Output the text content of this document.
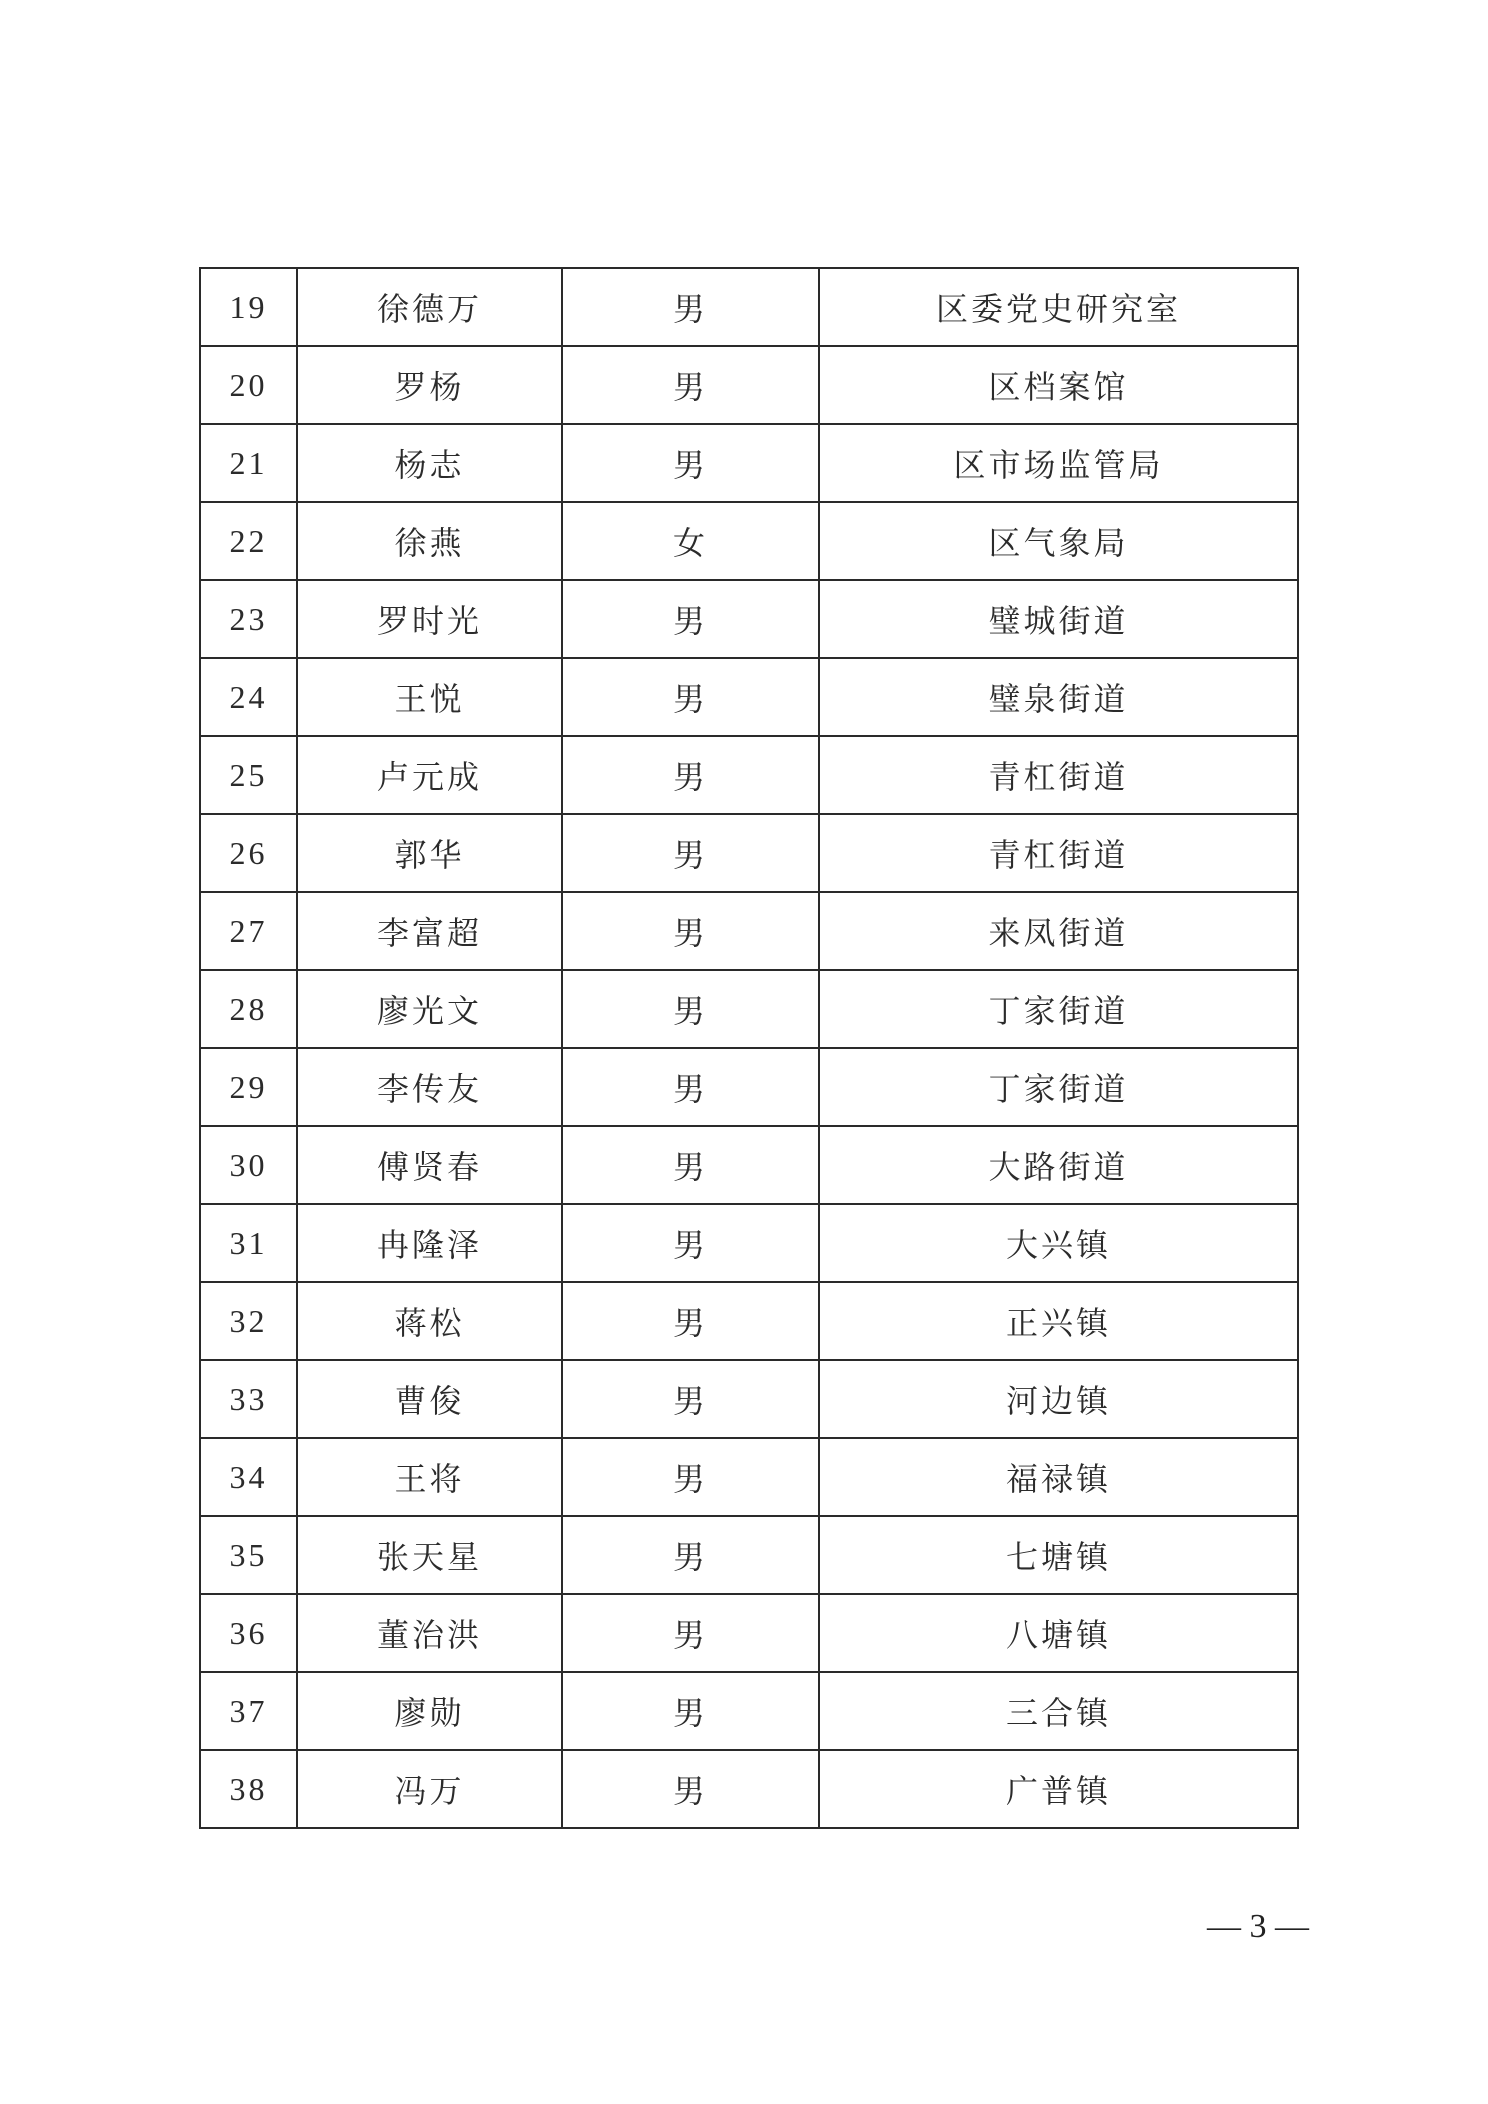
19	徐德万	男	区委党史研究室
20	罗杨	男	区档案馆
21	杨志	男	区市场监管局
22	徐燕	女	区气象局
23	罗时光	男	璧城街道
24	王悦	男	璧泉街道
25	卢元成	男	青杠街道
26	郭华	男	青杠街道
27	李富超	男	来凤街道
28	廖光文	男	丁家街道
29	李传友	男	丁家街道
30	傅贤春	男	大路街道
31	冉隆泽	男	大兴镇
32	蒋松	男	正兴镇
33	曹俊	男	河边镇
34	王将	男	福禄镇
35	张天星	男	七塘镇
36	董治洪	男	八塘镇
37	廖勋	男	三合镇
38	冯万	男	广普镇
— 3 —
